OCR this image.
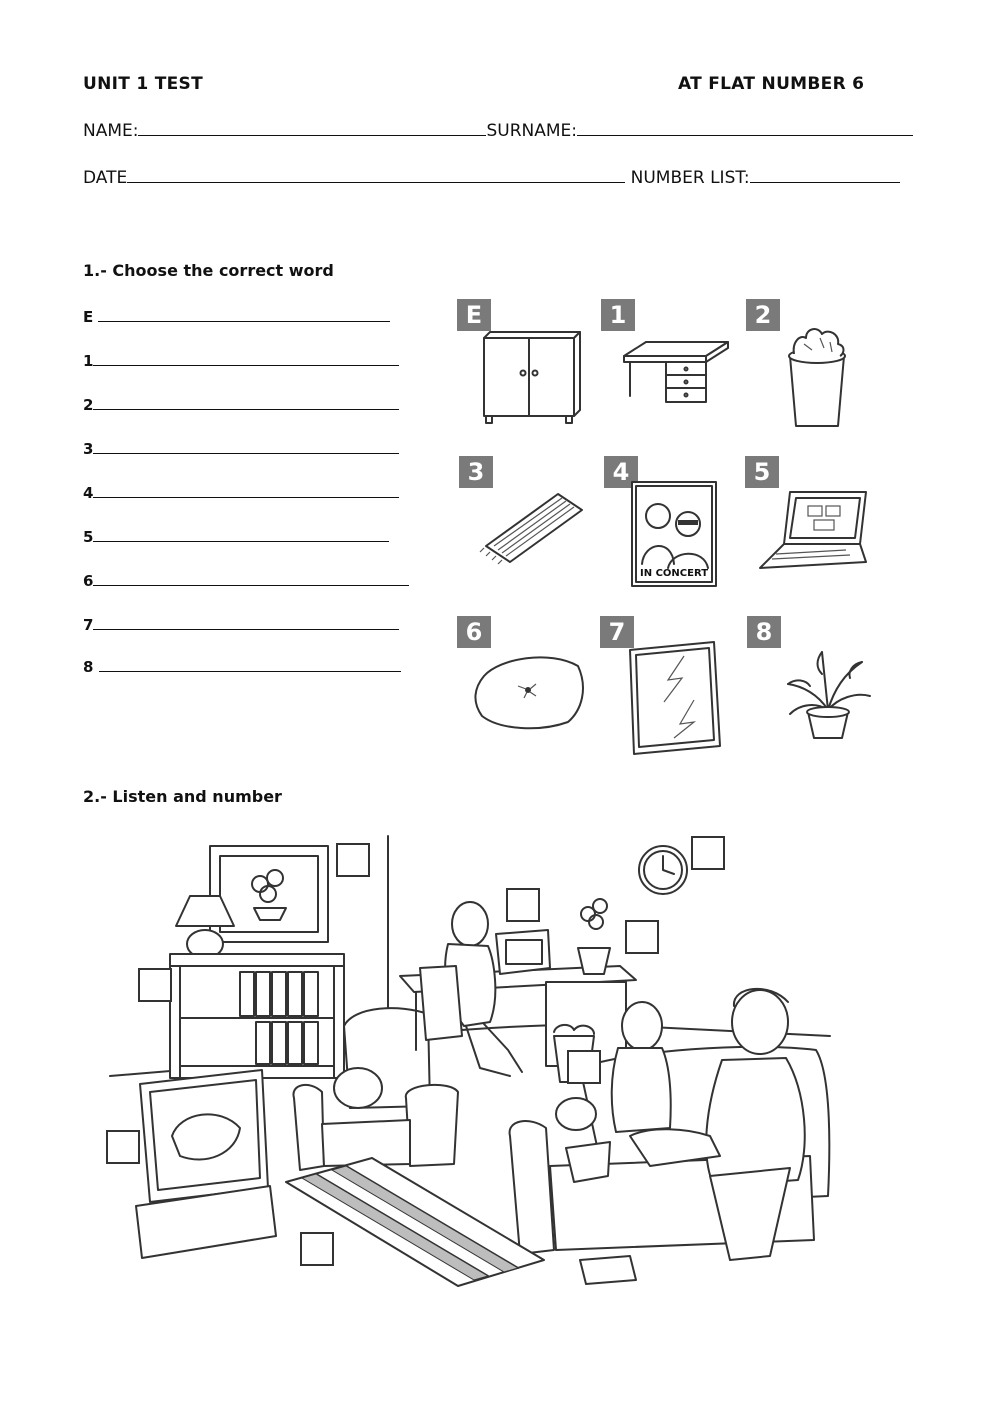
UNIT 1 TEST	AT FLAT NUMBER 6
NAME:	SURNAME:
DATE	NUMBER LIST:
1.- Choose the correct word
E
1
2
3
4
5
6
7
8
E	1	2
3	4	5
6	7	8
IN CONCERT
2.- Listen and number
